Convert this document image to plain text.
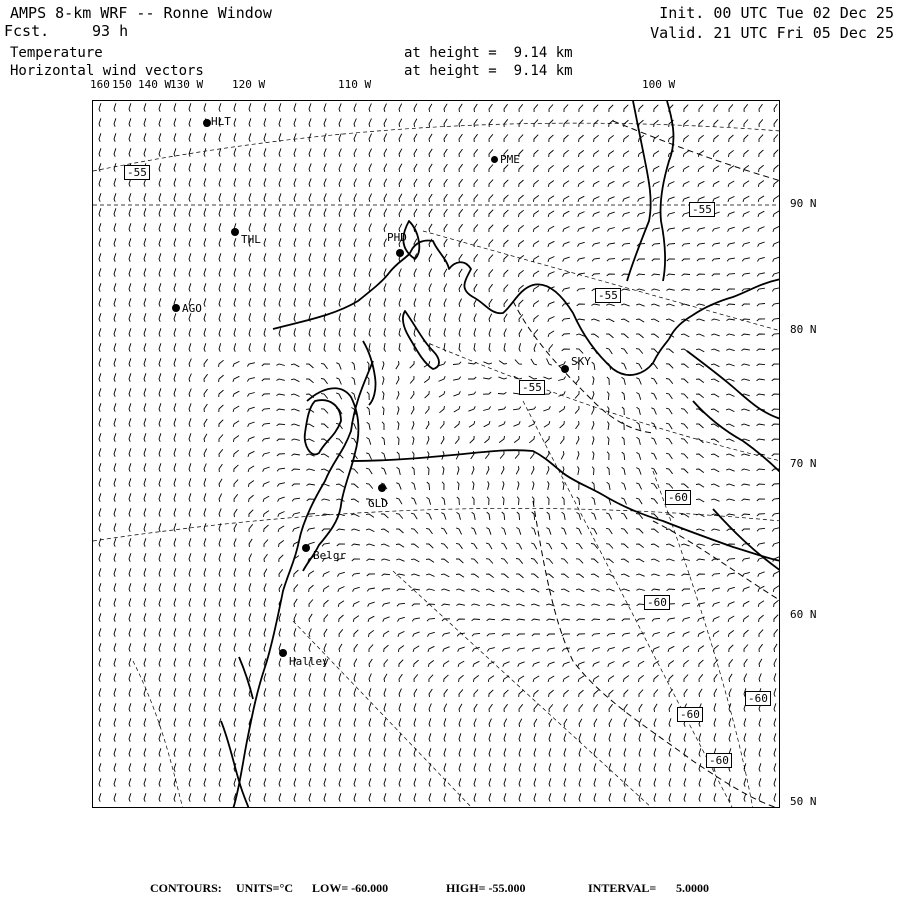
AMPS 8-km WRF -- Ronne Window
Fcst.	93 h
Temperature
Horizontal wind vectors
Init. 00 UTC Tue 02 Dec 25
Valid. 21 UTC Fri 05 Dec 25
at height =  9.14 km
at height =  9.14 km
160 150 140 W
130 W	120 W	110 W	100 W
90 N
80 N
70 N
60 N
50 N
HLT
PME
THL	PHD
AGO
SKY
GLD
Belgr
Halley
-55
-55
-55
-55
-60
-60
-60
-60
-60
CONTOURS: UNITS=°C LOW= -60.000	HIGH= -55.000	INTERVAL= 5.0000
